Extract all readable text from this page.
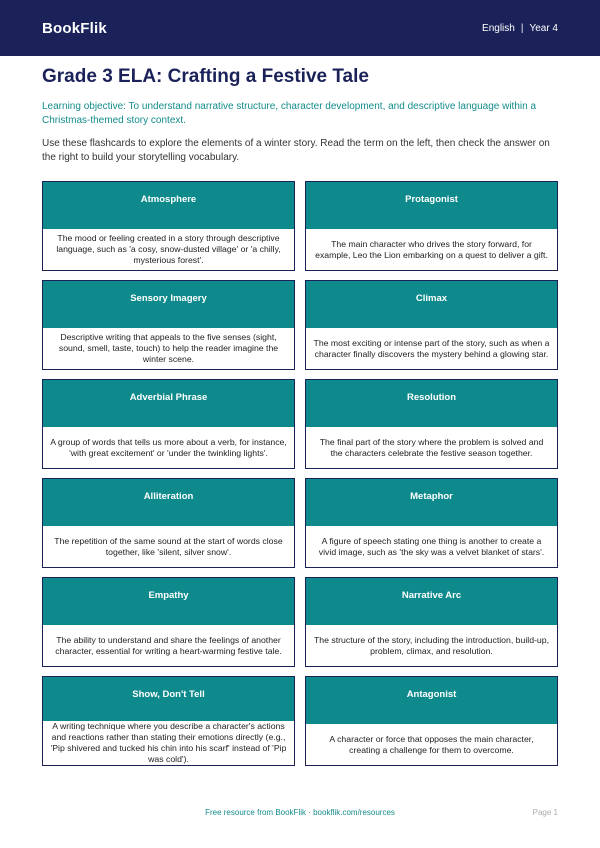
BookFlik	English | Year 4
Grade 3 ELA: Crafting a Festive Tale

Learning objective: To understand narrative structure, character development, and descriptive language within a Christmas-themed story context.

Use these flashcards to explore the elements of a winter story. Read the term on the left, then check the answer on the right to build your storytelling vocabulary.

Atmosphere
The mood or feeling created in a story through descriptive language, such as 'a cosy, snow-dusted village' or 'a chilly, mysterious forest'.
Protagonist
The main character who drives the story forward, for example, Leo the Lion embarking on a quest to deliver a gift.
Sensory Imagery
Descriptive writing that appeals to the five senses (sight, sound, smell, taste, touch) to help the reader imagine the winter scene.
Climax
The most exciting or intense part of the story, such as when a character finally discovers the mystery behind a glowing star.
Adverbial Phrase
A group of words that tells us more about a verb, for instance, 'with great excitement' or 'under the twinkling lights'.
Resolution
The final part of the story where the problem is solved and the characters celebrate the festive season together.
Alliteration
The repetition of the same sound at the start of words close together, like 'silent, silver snow'.
Metaphor
A figure of speech stating one thing is another to create a vivid image, such as 'the sky was a velvet blanket of stars'.
Empathy
The ability to understand and share the feelings of another character, essential for writing a heart-warming festive tale.
Narrative Arc
The structure of the story, including the introduction, build-up, problem, climax, and resolution.
Show, Don't Tell
A writing technique where you describe a character's actions and reactions rather than stating their emotions directly (e.g., 'Pip shivered and tucked his chin into his scarf' instead of 'Pip was cold').
Antagonist
A character or force that opposes the main character, creating a challenge for them to overcome.
Free resource from BookFlik · bookflik.com/resources	Page 1
